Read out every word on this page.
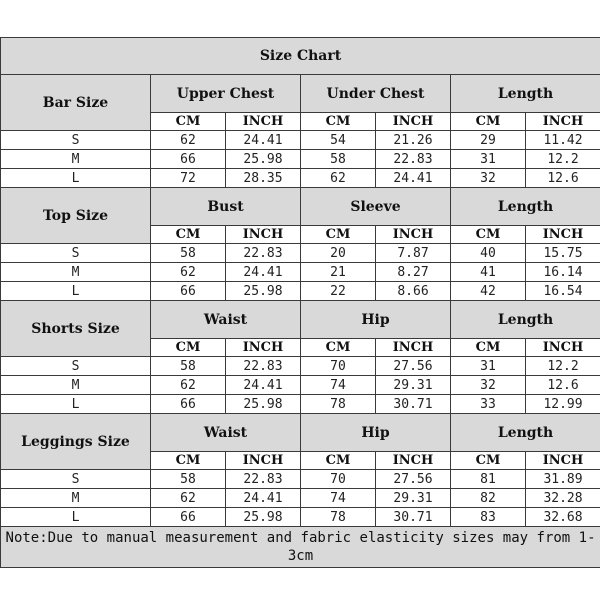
Size Chart						
Bar Size	Upper Chest		Under Chest		Length	
	CM	INCH	CM	INCH	CM	INCH
S	62	24.41	54	21.26	29	11.42
M	66	25.98	58	22.83	31	12.2
L	72	28.35	62	24.41	32	12.6
Top Size	Bust		Sleeve		Length	
	CM	INCH	CM	INCH	CM	INCH
S	58	22.83	20	7.87	40	15.75
M	62	24.41	21	8.27	41	16.14
L	66	25.98	22	8.66	42	16.54
Shorts Size	Waist		Hip		Length	
	CM	INCH	CM	INCH	CM	INCH
S	58	22.83	70	27.56	31	12.2
M	62	24.41	74	29.31	32	12.6
L	66	25.98	78	30.71	33	12.99
Leggings Size	Waist		Hip		Length	
	CM	INCH	CM	INCH	CM	INCH
S	58	22.83	70	27.56	81	31.89
M	62	24.41	74	29.31	82	32.28
L	66	25.98	78	30.71	83	32.68
Note:Due to manual measurement and fabric elasticity sizes may from 1-3cm						
